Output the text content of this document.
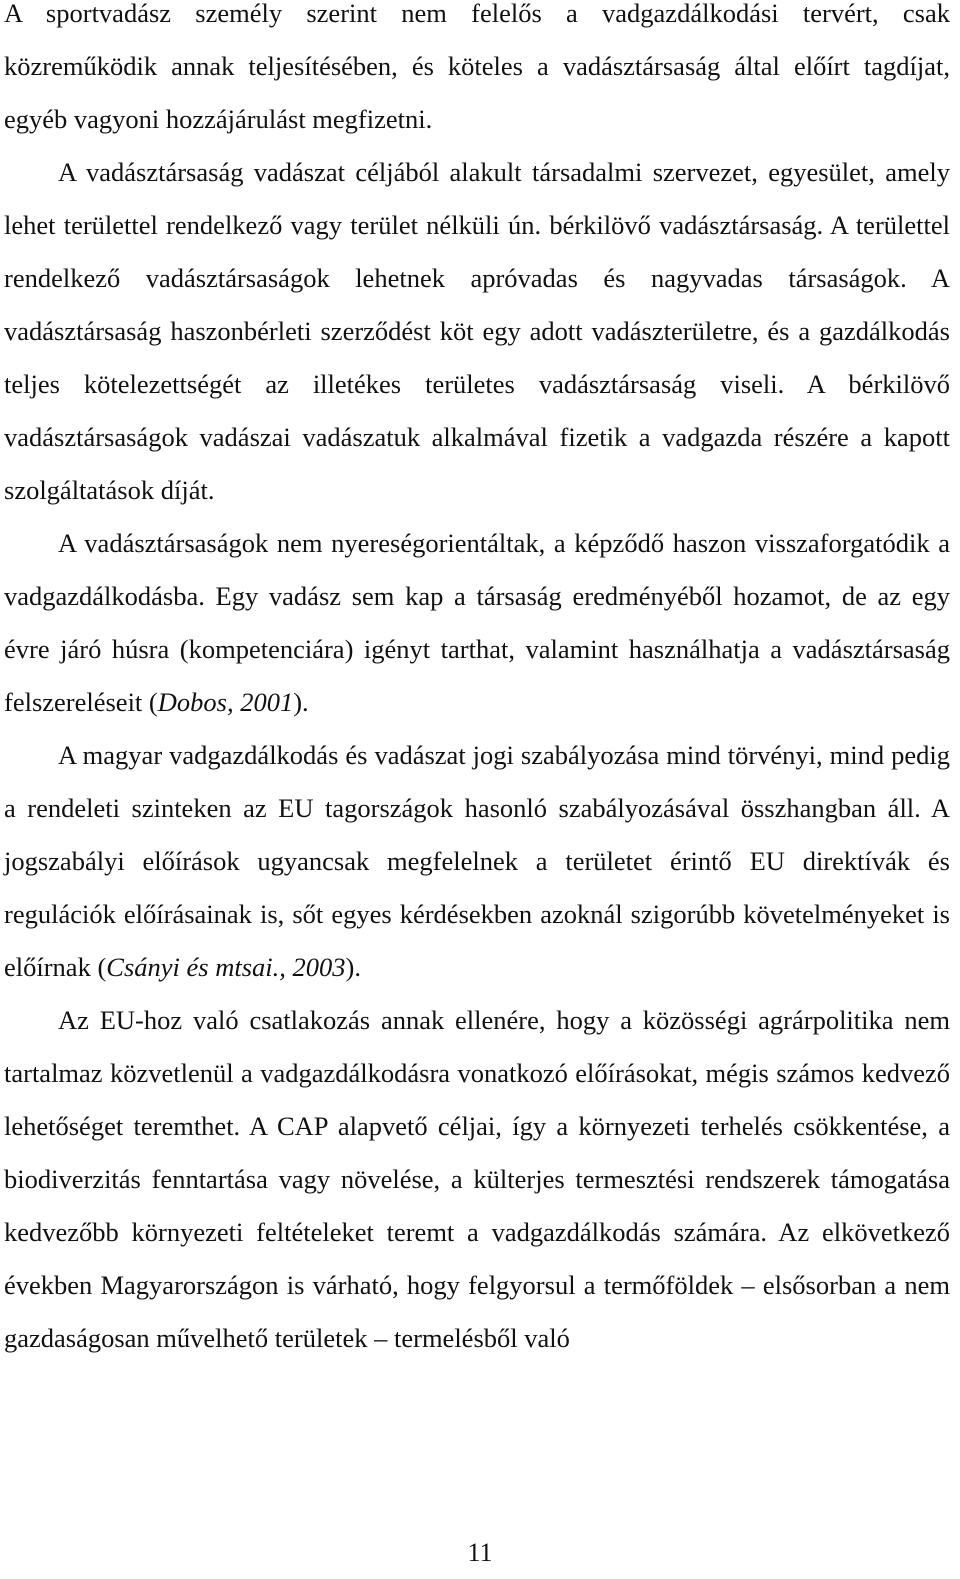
A sportvadász személy szerint nem felelős a vadgazdálkodási tervért, csak közreműködik annak teljesítésében, és köteles a vadásztársaság által előírt tagdíjat, egyéb vagyoni hozzájárulást megfizetni.

A vadásztársaság vadászat céljából alakult társadalmi szervezet, egyesület, amely lehet területtel rendelkező vagy terület nélküli ún. bérkilövő vadásztársaság. A területtel rendelkező vadásztársaságok lehetnek apróvadas és nagyvadas társaságok. A vadásztársaság haszonbérleti szerződést köt egy adott vadászterületre, és a gazdálkodás teljes kötelezettségét az illetékes területes vadásztársaság viseli. A bérkilövő vadásztársaságok vadászai vadászatuk alkalmával fizetik a vadgazda részére a kapott szolgáltatások díját.

A vadásztársaságok nem nyereségorientáltak, a képződő haszon visszaforgatódik a vadgazdálkodásba. Egy vadász sem kap a társaság eredményéből hozamot, de az egy évre járó húsra (kompetenciára) igényt tarthat, valamint használhatja a vadásztársaság felszereléseit (Dobos, 2001).

A magyar vadgazdálkodás és vadászat jogi szabályozása mind törvényi, mind pedig a rendeleti szinteken az EU tagországok hasonló szabályozásával összhangban áll. A jogszabályi előírások ugyancsak megfelelnek a területet érintő EU direktívák és regulációk előírásainak is, sőt egyes kérdésekben azoknál szigorúbb követelményeket is előírnak (Csányi és mtsai., 2003).

Az EU-hoz való csatlakozás annak ellenére, hogy a közösségi agrárpolitika nem tartalmaz közvetlenül a vadgazdálkodásra vonatkozó előírásokat, mégis számos kedvező lehetőséget teremthet. A CAP alapvető céljai, így a környezeti terhelés csökkentése, a biodiverzitás fenntartása vagy növelése, a külterjes termesztési rendszerek támogatása kedvezőbb környezeti feltételeket teremt a vadgazdálkodás számára. Az elkövetkező években Magyarországon is várható, hogy felgyorsul a termőföldek – elsősorban a nem gazdaságosan művelhető területek – termelésből való

11
